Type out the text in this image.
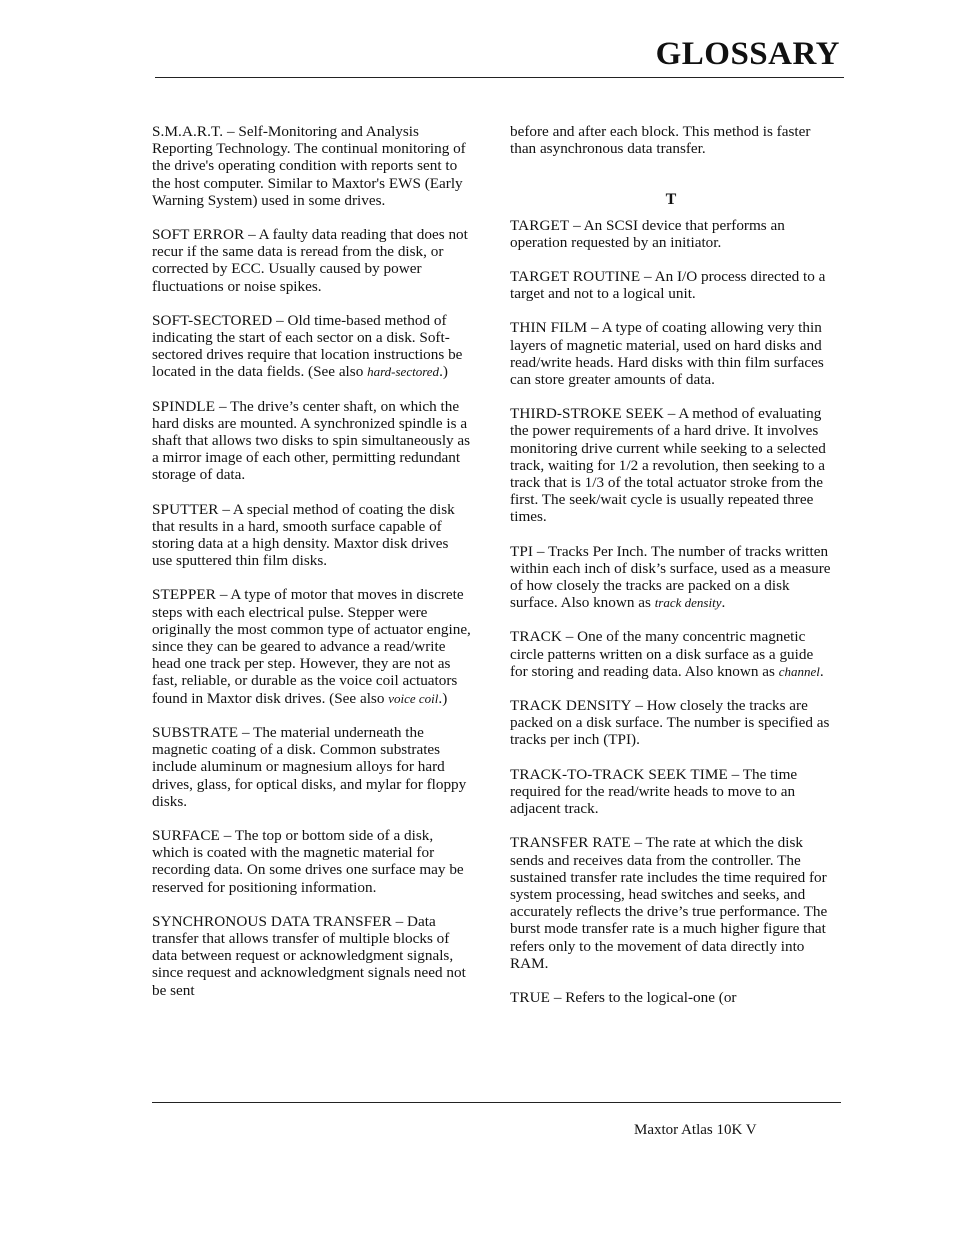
GLOSSARY

S.M.A.R.T. – Self-Monitoring and Analysis Reporting Technology. The continual monitoring of the drive's operating condition with reports sent to the host computer. Similar to Maxtor's EWS (Early Warning System) used in some drives.

SOFT ERROR – A faulty data reading that does not recur if the same data is reread from the disk, or corrected by ECC. Usually caused by power fluctuations or noise spikes.

SOFT-SECTORED – Old time-based method of indicating the start of each sector on a disk. Soft-sectored drives require that location instructions be located in the data fields. (See also hard-sectored.)

SPINDLE – The drive’s center shaft, on which the hard disks are mounted. A synchronized spindle is a shaft that allows two disks to spin simultaneously as a mirror image of each other, permitting redundant storage of data.

SPUTTER – A special method of coating the disk that results in a hard, smooth surface capable of storing data at a high density. Maxtor disk drives use sputtered thin film disks.

STEPPER – A type of motor that moves in discrete steps with each electrical pulse. Stepper were originally the most common type of actuator engine, since they can be geared to advance a read/write head one track per step. However, they are not as fast, reliable, or durable as the voice coil actuators found in Maxtor disk drives. (See also voice coil.)

SUBSTRATE – The material underneath the magnetic coating of a disk. Common substrates include aluminum or magnesium alloys for hard drives, glass, for optical disks, and mylar for floppy disks.

SURFACE – The top or bottom side of a disk, which is coated with the magnetic material for recording data. On some drives one surface may be reserved for positioning information.

SYNCHRONOUS DATA TRANSFER – Data transfer that allows transfer of multiple blocks of data between request or acknowledgment signals, since request and acknowledgment signals need not be sent

before and after each block. This method is faster than asynchronous data transfer.

T

TARGET – An SCSI device that performs an operation requested by an initiator.

TARGET ROUTINE – An I/O process directed to a target and not to a logical unit.

THIN FILM – A type of coating allowing very thin layers of magnetic material, used on hard disks and read/write heads. Hard disks with thin film surfaces can store greater amounts of data.

THIRD-STROKE SEEK – A method of evaluating the power requirements of a hard drive. It involves monitoring drive current while seeking to a selected track, waiting for 1/2 a revolution, then seeking to a track that is 1/3 of the total actuator stroke from the first. The seek/wait cycle is usually repeated three times.

TPI – Tracks Per Inch. The number of tracks written within each inch of disk’s surface, used as a measure of how closely the tracks are packed on a disk surface. Also known as track density.

TRACK – One of the many concentric magnetic circle patterns written on a disk surface as a guide for storing and reading data. Also known as channel.

TRACK DENSITY – How closely the tracks are packed on a disk surface. The number is specified as tracks per inch (TPI).

TRACK-TO-TRACK SEEK TIME – The time required for the read/write heads to move to an adjacent track.

TRANSFER RATE – The rate at which the disk sends and receives data from the controller. The sustained transfer rate includes the time required for system processing, head switches and seeks, and accurately reflects the drive’s true performance. The burst mode transfer rate is a much higher figure that refers only to the movement of data directly into RAM.

TRUE – Refers to the logical-one (or

Maxtor Atlas 10K V
